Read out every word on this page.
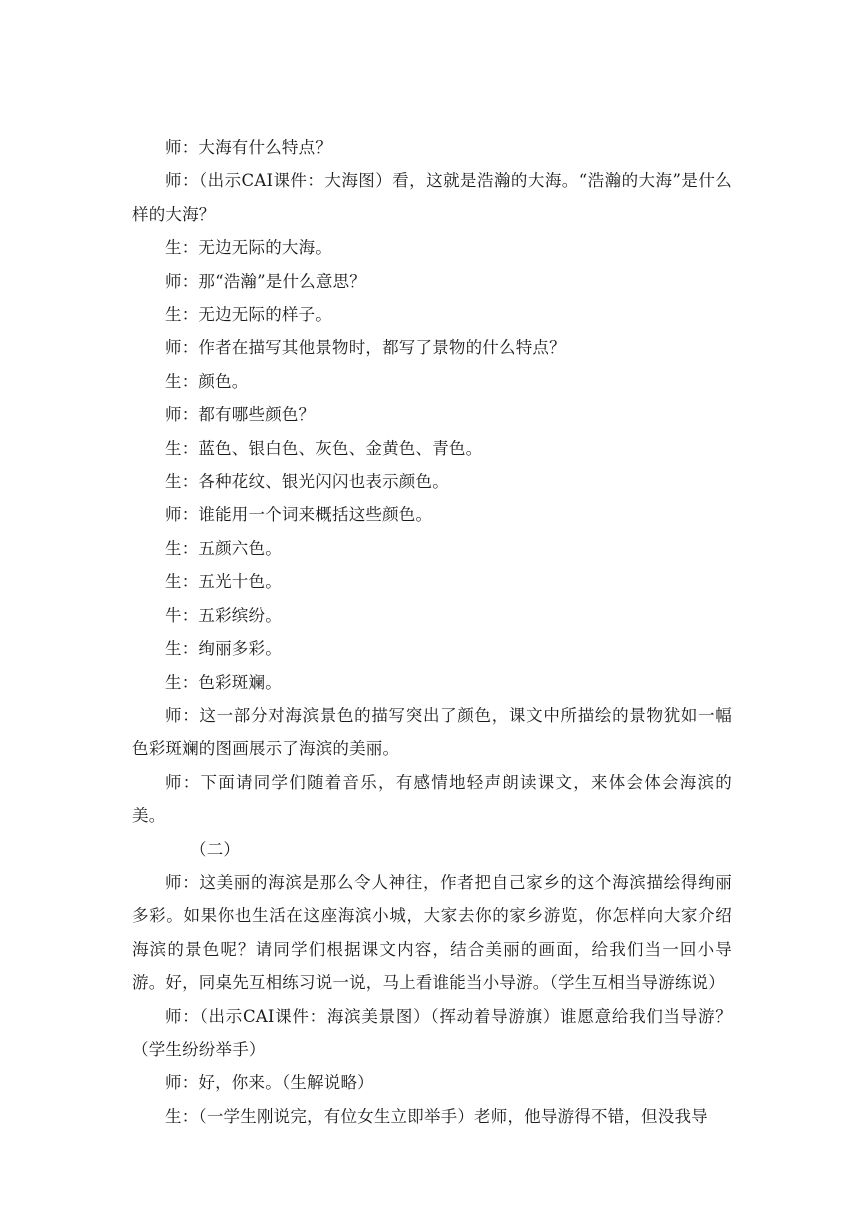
师：大海有什么特点？

师：（出示CAI课件：大海图）看，这就是浩瀚的大海。“浩瀚的大海”是什么样的大海？

生：无边无际的大海。

师：那“浩瀚”是什么意思？

生：无边无际的样子。

师：作者在描写其他景物时，都写了景物的什么特点？

生：颜色。

师：都有哪些颜色？

生：蓝色、银白色、灰色、金黄色、青色。

生：各种花纹、银光闪闪也表示颜色。

师：谁能用一个词来概括这些颜色。

生：五颜六色。

生：五光十色。

牛：五彩缤纷。

生：绚丽多彩。

生：色彩斑斓。

师：这一部分对海滨景色的描写突出了颜色，课文中所描绘的景物犹如一幅色彩斑斓的图画展示了海滨的美丽。

师：下面请同学们随着音乐，有感情地轻声朗读课文，来体会体会海滨的美。

（二）

师：这美丽的海滨是那么令人神往，作者把自己家乡的这个海滨描绘得绚丽多彩。如果你也生活在这座海滨小城，大家去你的家乡游览，你怎样向大家介绍海滨的景色呢？请同学们根据课文内容，结合美丽的画面，给我们当一回小导游。好，同桌先互相练习说一说，马上看谁能当小导游。（学生互相当导游练说）

师：（出示CAI课件：海滨美景图）（挥动着导游旗）谁愿意给我们当导游？（学生纷纷举手）

师：好，你来。（生解说略）

生：（一学生刚说完，有位女生立即举手）老师，他导游得不错，但没我导
